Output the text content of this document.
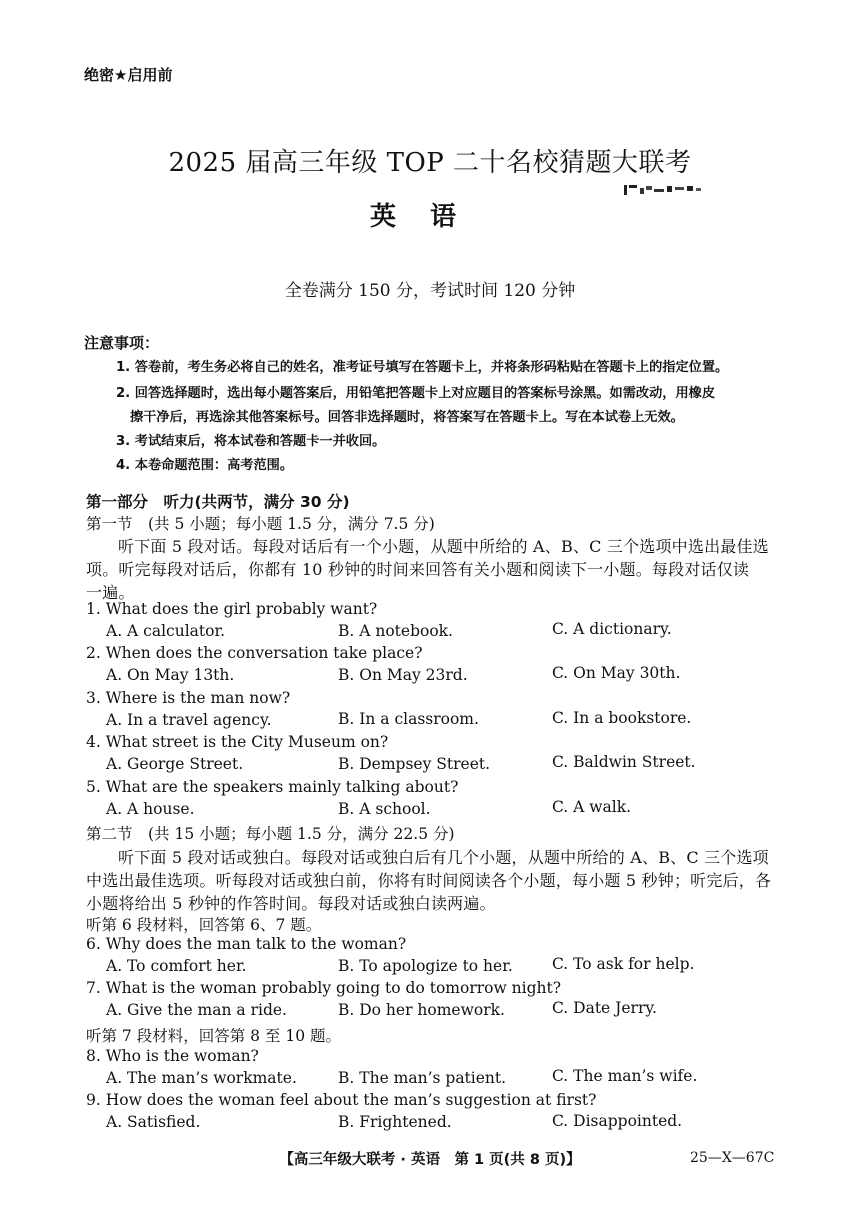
绝密★启用前
2025 届高三年级 TOP 二十名校猜题大联考
英语
全卷满分 150 分，考试时间 120 分钟
注意事项：
1. 答卷前，考生务必将自己的姓名，准考证号填写在答题卡上，并将条形码粘贴在答题卡上的指定位置。
2. 回答选择题时，选出每小题答案后，用铅笔把答题卡上对应题目的答案标号涂黑。如需改动，用橡皮
擦干净后，再选涂其他答案标号。回答非选择题时，将答案写在答题卡上。写在本试卷上无效。
3. 考试结束后，将本试卷和答题卡一并收回。
4. 本卷命题范围：高考范围。
第一部分　听力(共两节，满分 30 分)
第一节　(共 5 小题；每小题 1.5 分，满分 7.5 分)
听下面 5 段对话。每段对话后有一个小题，从题中所给的 A、B、C 三个选项中选出最佳选
项。听完每段对话后，你都有 10 秒钟的时间来回答有关小题和阅读下一小题。每段对话仅读
一遍。
1. What does the girl probably want?
A. A calculator.	B. A notebook.	C. A dictionary.
2. When does the conversation take place?
A. On May 13th.	B. On May 23rd.	C. On May 30th.
3. Where is the man now?
A. In a travel agency.	B. In a classroom.	C. In a bookstore.
4. What street is the City Museum on?
A. George Street.	B. Dempsey Street.	C. Baldwin Street.
5. What are the speakers mainly talking about?
A. A house.	B. A school.	C. A walk.
第二节　(共 15 小题；每小题 1.5 分，满分 22.5 分)
听下面 5 段对话或独白。每段对话或独白后有几个小题，从题中所给的 A、B、C 三个选项
中选出最佳选项。听每段对话或独白前，你将有时间阅读各个小题，每小题 5 秒钟；听完后，各
小题将给出 5 秒钟的作答时间。每段对话或独白读两遍。
听第 6 段材料，回答第 6、7 题。
6. Why does the man talk to the woman?
A. To comfort her.	B. To apologize to her.	C. To ask for help.
7. What is the woman probably going to do tomorrow night?
A. Give the man a ride.	B. Do her homework.	C. Date Jerry.
听第 7 段材料，回答第 8 至 10 题。
8. Who is the woman?
A. The man’s workmate.	B. The man’s patient.	C. The man’s wife.
9. How does the woman feel about the man’s suggestion at first?
A. Satisfied.	B. Frightened.	C. Disappointed.
【高三年级大联考 · 英语　第 1 页(共 8 页)】	25—X—67C
